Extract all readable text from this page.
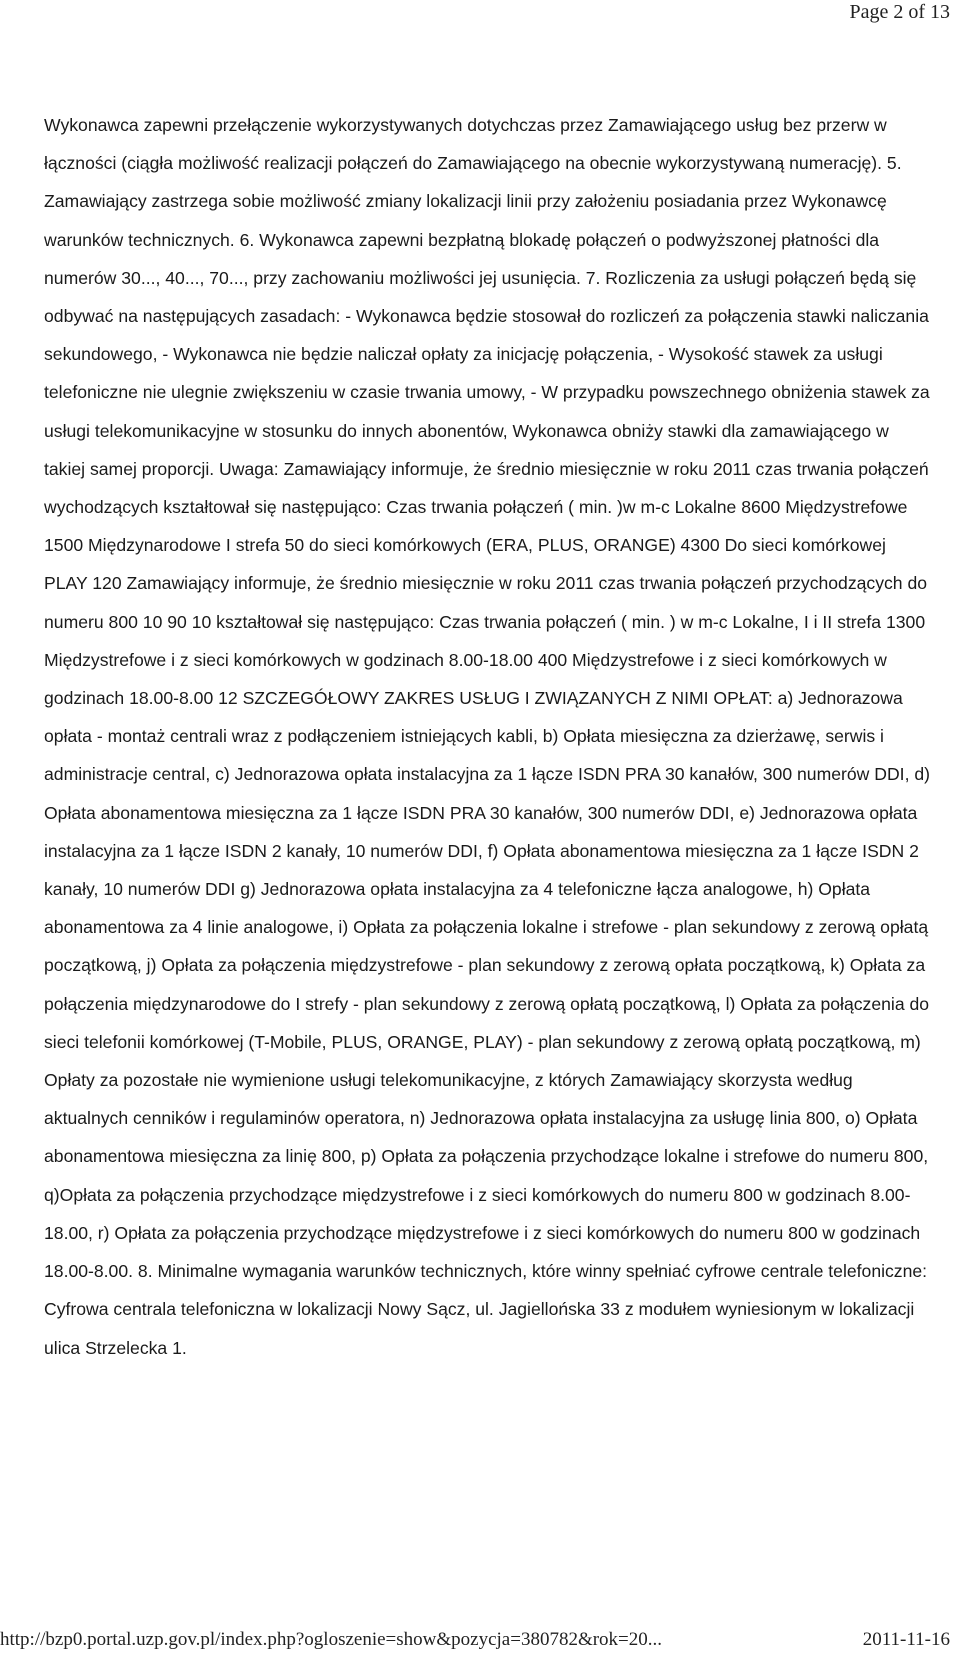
Page 2 of 13

Wykonawca zapewni przełączenie wykorzystywanych dotychczas przez Zamawiającego usług bez przerw w łączności (ciągła możliwość realizacji połączeń do Zamawiającego na obecnie wykorzystywaną numerację). 5. Zamawiający zastrzega sobie możliwość zmiany lokalizacji linii przy założeniu posiadania przez Wykonawcę warunków technicznych. 6. Wykonawca zapewni bezpłatną blokadę połączeń o podwyższonej płatności dla numerów 30..., 40..., 70..., przy zachowaniu możliwości jej usunięcia. 7. Rozliczenia za usługi połączeń będą się odbywać na następujących zasadach: - Wykonawca będzie stosował do rozliczeń za połączenia stawki naliczania sekundowego, - Wykonawca nie będzie naliczał opłaty za inicjację połączenia, - Wysokość stawek za usługi telefoniczne nie ulegnie zwiększeniu w czasie trwania umowy, - W przypadku powszechnego obniżenia stawek za usługi telekomunikacyjne w stosunku do innych abonentów, Wykonawca obniży stawki dla zamawiającego w takiej samej proporcji. Uwaga: Zamawiający informuje, że średnio miesięcznie w roku 2011 czas trwania połączeń wychodzących kształtował się następująco: Czas trwania połączeń ( min. )w m-c Lokalne 8600 Międzystrefowe 1500 Międzynarodowe I strefa 50 do sieci komórkowych (ERA, PLUS, ORANGE) 4300 Do sieci komórkowej PLAY 120 Zamawiający informuje, że średnio miesięcznie w roku 2011 czas trwania połączeń przychodzących do numeru 800 10 90 10 kształtował się następująco: Czas trwania połączeń ( min. ) w m-c Lokalne, I i II strefa 1300 Międzystrefowe i z sieci komórkowych w godzinach 8.00-18.00 400 Międzystrefowe i z sieci komórkowych w godzinach 18.00-8.00 12 SZCZEGÓŁOWY ZAKRES USŁUG I ZWIĄZANYCH Z NIMI OPŁAT: a) Jednorazowa opłata - montaż centrali wraz z podłączeniem istniejących kabli, b) Opłata miesięczna za dzierżawę, serwis i administracje central, c) Jednorazowa opłata instalacyjna za 1 łącze ISDN PRA 30 kanałów, 300 numerów DDI, d) Opłata abonamentowa miesięczna za 1 łącze ISDN PRA 30 kanałów, 300 numerów DDI, e) Jednorazowa opłata instalacyjna za 1 łącze ISDN 2 kanały, 10 numerów DDI, f) Opłata abonamentowa miesięczna za 1 łącze ISDN 2 kanały, 10 numerów DDI g) Jednorazowa opłata instalacyjna za 4 telefoniczne łącza analogowe, h) Opłata abonamentowa za 4 linie analogowe, i) Opłata za połączenia lokalne i strefowe - plan sekundowy z zerową opłatą początkową, j) Opłata za połączenia międzystrefowe - plan sekundowy z zerową opłata początkową, k) Opłata za połączenia międzynarodowe do I strefy - plan sekundowy z zerową opłatą początkową, l) Opłata za połączenia do sieci telefonii komórkowej (T-Mobile, PLUS, ORANGE, PLAY) - plan sekundowy z zerową opłatą początkową, m) Opłaty za pozostałe nie wymienione usługi telekomunikacyjne, z których Zamawiający skorzysta według aktualnych cenników i regulaminów operatora, n) Jednorazowa opłata instalacyjna za usługę linia 800, o) Opłata abonamentowa miesięczna za linię 800, p) Opłata za połączenia przychodzące lokalne i strefowe do numeru 800, q)Opłata za połączenia przychodzące międzystrefowe i z sieci komórkowych do numeru 800 w godzinach 8.00-18.00, r) Opłata za połączenia przychodzące międzystrefowe i z sieci komórkowych do numeru 800 w godzinach 18.00-8.00. 8. Minimalne wymagania warunków technicznych, które winny spełniać cyfrowe centrale telefoniczne: Cyfrowa centrala telefoniczna w lokalizacji Nowy Sącz, ul. Jagiellońska 33 z modułem wyniesionym w lokalizacji ulica Strzelecka 1.

http://bzp0.portal.uzp.gov.pl/index.php?ogloszenie=show&pozycja=380782&rok=20...	2011-11-16
